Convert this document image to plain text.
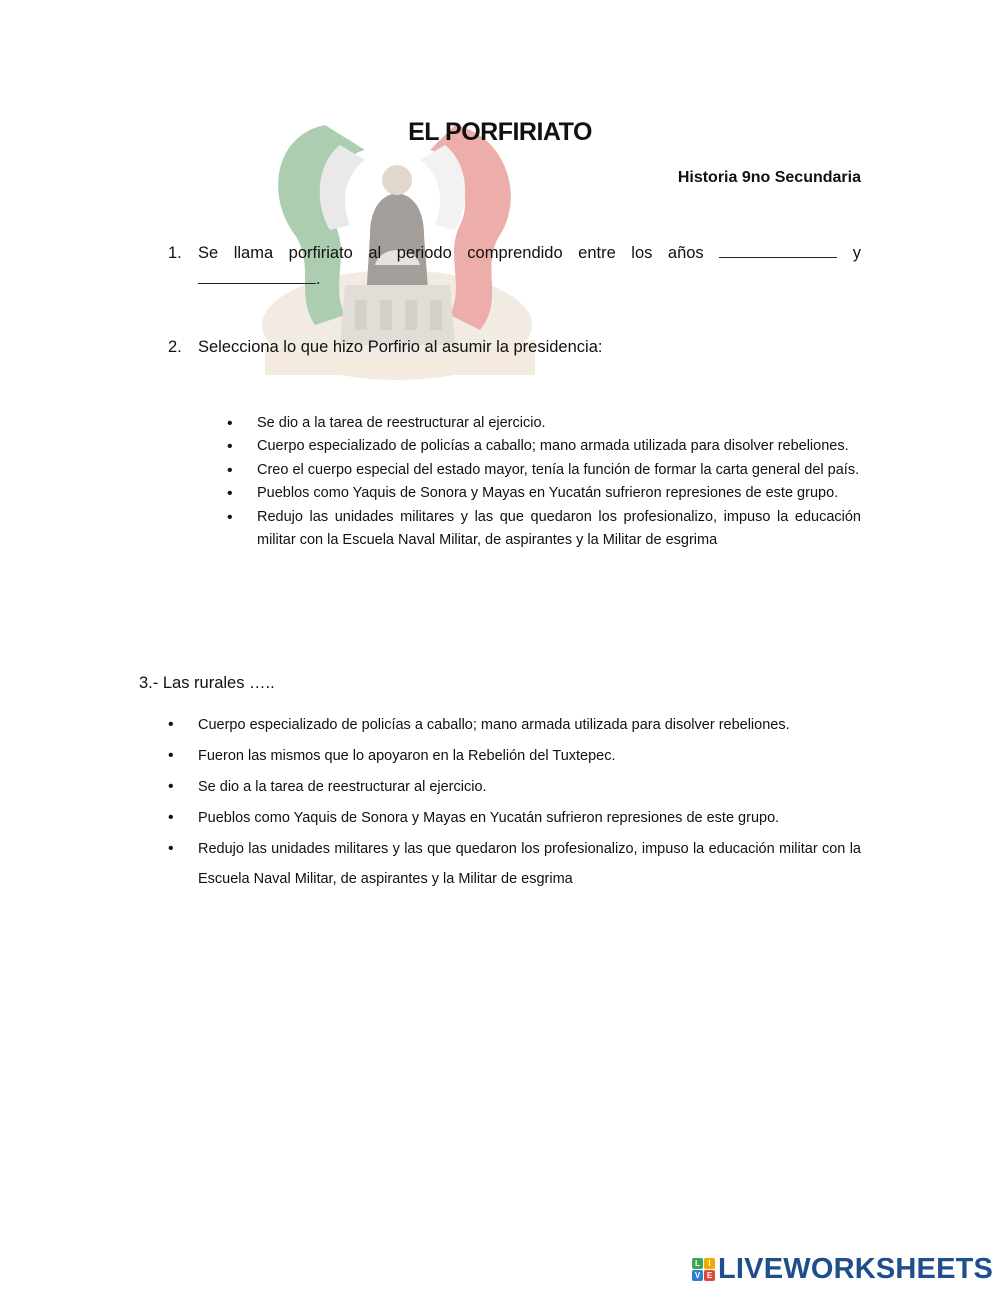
EL PORFIRIATO
Historia 9no Secundaria
1. Se llama porfiriato al periodo comprendido entre los años	y
.
2. Selecciona lo que hizo Porfirio al asumir la presidencia:
• Se dio a la tarea de reestructurar al ejercicio.
• Cuerpo especializado de policías a caballo; mano armada utilizada para disolver rebeliones.
• Creo el cuerpo especial del estado mayor, tenía la función de formar la carta general del país.
• Pueblos como Yaquis de Sonora y Mayas en Yucatán sufrieron represiones de este grupo.
• Redujo las unidades militares y las que quedaron los profesionalizo, impuso la educación militar con la Escuela Naval Militar, de aspirantes y la Militar de esgrima
3.- Las rurales …..
• Cuerpo especializado de policías a caballo; mano armada utilizada para disolver rebeliones.
• Fueron las mismos que lo apoyaron en la Rebelión del Tuxtepec.
• Se dio a la tarea de reestructurar al ejercicio.
• Pueblos como Yaquis de Sonora y Mayas en Yucatán sufrieron represiones de este grupo.
• Redujo las unidades militares y las que quedaron los profesionalizo, impuso la educación militar con la Escuela Naval Militar, de aspirantes y la Militar de esgrima
L	I
V E LIVEWORKSHEETS
